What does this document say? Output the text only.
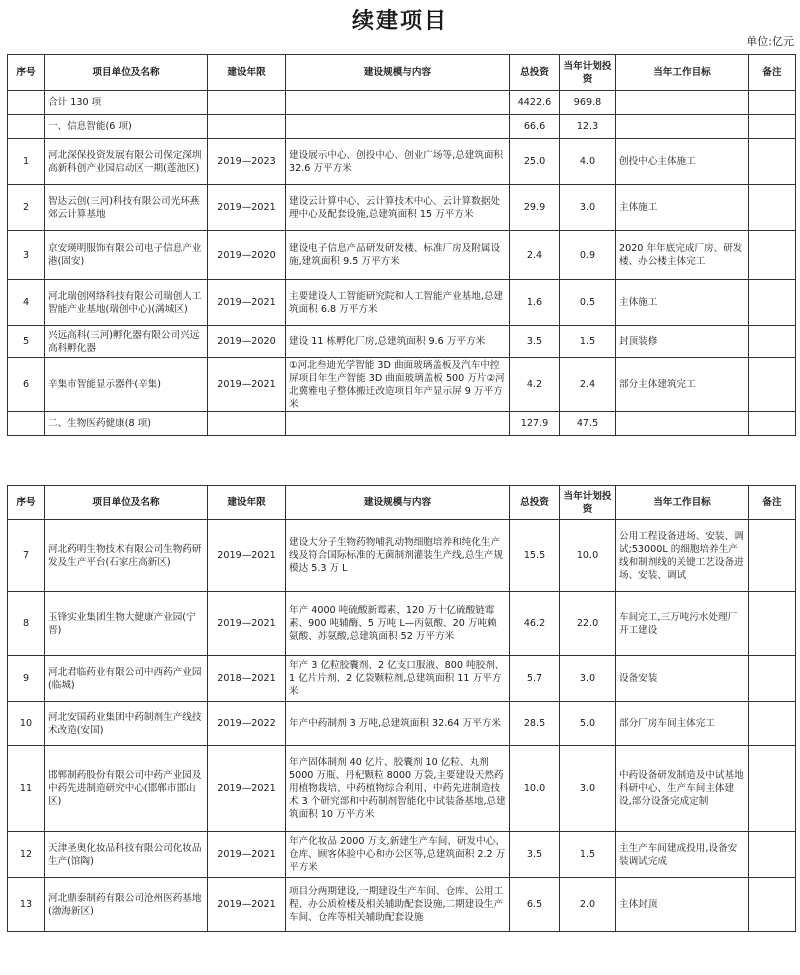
续建项目
单位:亿元
序号	项目单位及名称	建设年限	建设规模与内容	总投资	当年计划投资	当年工作目标	备注
	合计 130 项			4422.6	969.8		
	一、信息智能(6 项)			66.6	12.3		
1	河北深保投资发展有限公司保定深圳高新科创产业园启动区一期(莲池区)	2019—2023	建设展示中心、创投中心、创业广场等,总建筑面积 32.6 万平方米	25.0	4.0	创投中心主体施工	
2	智达云创(三河)科技有限公司光环燕郊云计算基地	2019—2021	建设云计算中心、云计算技术中心、云计算数据处理中心及配套设施,总建筑面积 15 万平方米	29.9	3.0	主体施工	
3	京安瑛明服饰有限公司电子信息产业港(固安)	2019—2020	建设电子信息产品研发研发楼、标准厂房及附属设施,建筑面积 9.5 万平方米	2.4	0.9	2020 年年底完成厂房、研发楼、办公楼主体完工	
4	河北瑞创网络科技有限公司瑞创人工智能产业基地(瑞创中心)(满城区)	2019—2021	主要建设人工智能研究院和人工智能产业基地,总建筑面积 6.8 万平方米	1.6	0.5	主体施工	
5	兴远高科(三河)孵化器有限公司兴远高科孵化器	2019—2020	建设 11 栋孵化厂房,总建筑面积 9.6 万平方米	3.5	1.5	封顶装修	
6	辛集市智能显示器件(辛集)	2019—2021	①河北叁迪光学智能 3D 曲面玻璃盖板及汽车中控屏项目年生产智能 3D 曲面玻璃盖板 500 万片②河北冀雅电子整体搬迁改造项目年产显示屏 9 万平方米	4.2	2.4	部分主体建筑完工	
	二、生物医药健康(8 项)			127.9	47.5		
序号	项目单位及名称	建设年限	建设规模与内容	总投资	当年计划投资	当年工作目标	备注
7	河北药明生物技术有限公司生物药研发及生产平台(石家庄高新区)	2019—2021	建设大分子生物药物哺乳动物细胞培养和纯化生产线及符合国际标准的无菌制剂灌装生产线,总生产规模达 5.3 万 L	15.5	10.0	公用工程设备进场、安装、调试;53000L 的细胞培养生产线和制剂线的关键工艺设备进场、安装、调试	
8	玉锋实业集团生物大健康产业园(宁晋)	2019—2021	年产 4000 吨硫酸新霉素、120 万十亿硫酸链霉素、900 吨辅酶、5 万吨 L—丙氨酸、20 万吨赖氨酸、苏氨酸,总建筑面积 52 万平方米	46.2	22.0	车间完工,三万吨污水处理厂开工建设	
9	河北君临药业有限公司中西药产业园(临城)	2018—2021	年产 3 亿粒胶囊剂、2 亿支口服液、800 吨胶剂、1 亿片片剂、2 亿袋颗粒剂,总建筑面积 11 万平方米	5.7	3.0	设备安装	
10	河北安国药业集团中药制剂生产线技术改造(安国)	2019—2022	年产中药制剂 3 万吨,总建筑面积 32.64 万平方米	28.5	5.0	部分厂房车间主体完工	
11	邯郸制药股份有限公司中药产业园及中药先进制造研究中心(邯郸市邯山区)	2019—2021	年产固体制剂 40 亿片、胶囊剂 10 亿粒、丸剂 5000 万瓶、丹杞颗粒 8000 万袋,主要建设天然药用植物栽培、中药植物综合利用、中药先进制造技术 3 个研究部和中药制剂智能化中试装备基地,总建筑面积 10 万平方米	10.0	3.0	中药设备研发制造及中试基地科研中心、生产车间主体建设,部分设备完成定制	
12	天津圣奥化妆品科技有限公司化妆品生产(馆陶)	2019—2021	年产化妆品 2000 万支,新建生产车间、研发中心、仓库、顾客体验中心和办公区等,总建筑面积 2.2 万平方米	3.5	1.5	主生产车间建成投用,设备安装调试完成	
13	河北鼎泰制药有限公司沧州医药基地(渤海新区)	2019—2021	项目分两期建设,一期建设生产车间、仓库、公用工程、办公质检楼及相关辅助配套设施,二期建设生产车间、仓库等相关辅助配套设施	6.5	2.0	主体封顶	
